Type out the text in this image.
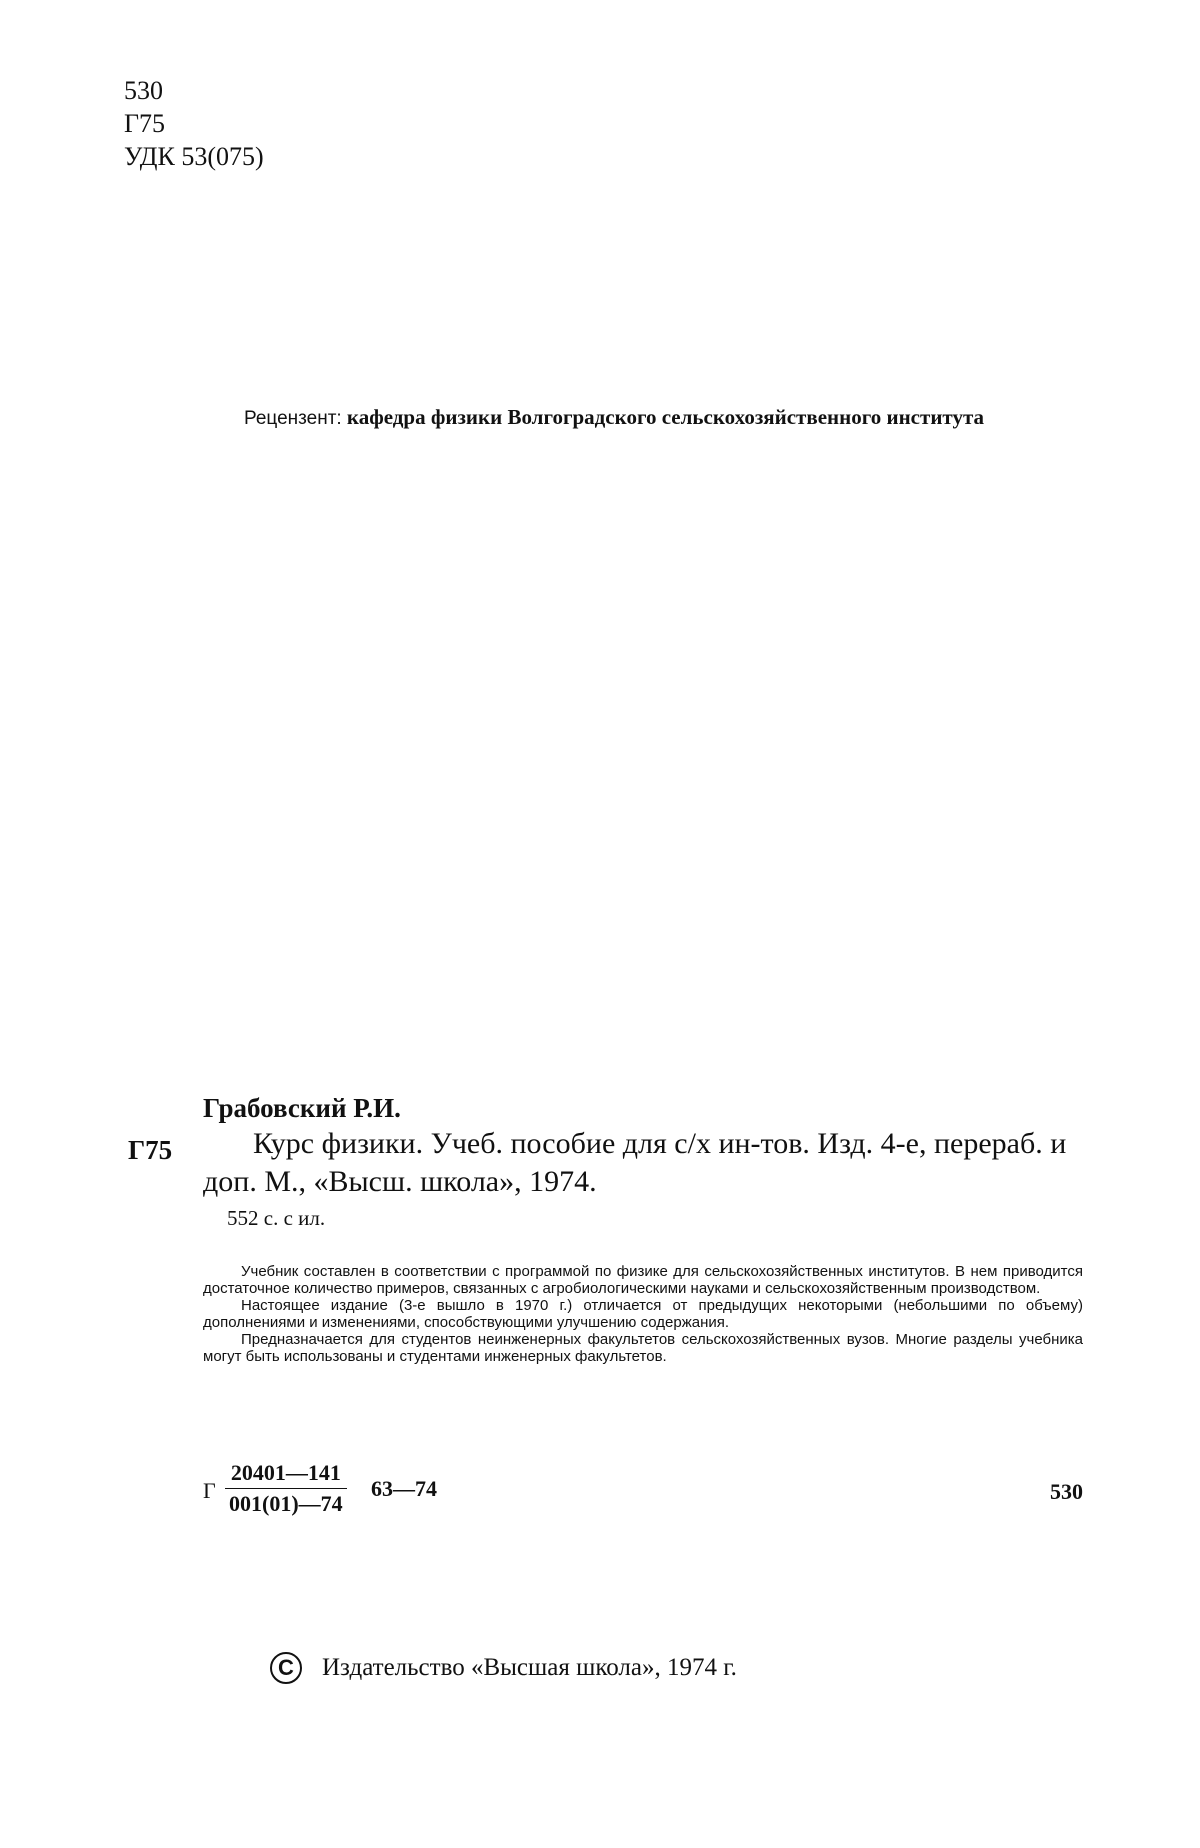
530
Г75
УДК 53(075)
Рецензент: кафедра физики Волгоградского сельскохозяйственного института
Грабовский Р.И.
Г75	Курс физики. Учеб. пособие для с/х ин-тов. Изд. 4-е, перераб. и доп. М., «Высш. школа», 1974.
552 с. с ил.

Учебник составлен в соответствии с программой по физике для сельскохозяйственных институтов. В нем приводится достаточное количество примеров, связанных с агробиологическими науками и сельскохозяйственным производством.

Настоящее издание (3-е вышло в 1970 г.) отличается от предыдущих некоторыми (небольшими по объему) дополнениями и изменениями, способствующими улучшению содержания.

Предназначается для студентов неинженерных факультетов сельскохозяйственных вузов. Многие разделы учебника могут быть использованы и студентами инженерных факультетов.

Г
20401—141
001(01)—74
63—74	530
C	Издательство «Высшая школа», 1974 г.
